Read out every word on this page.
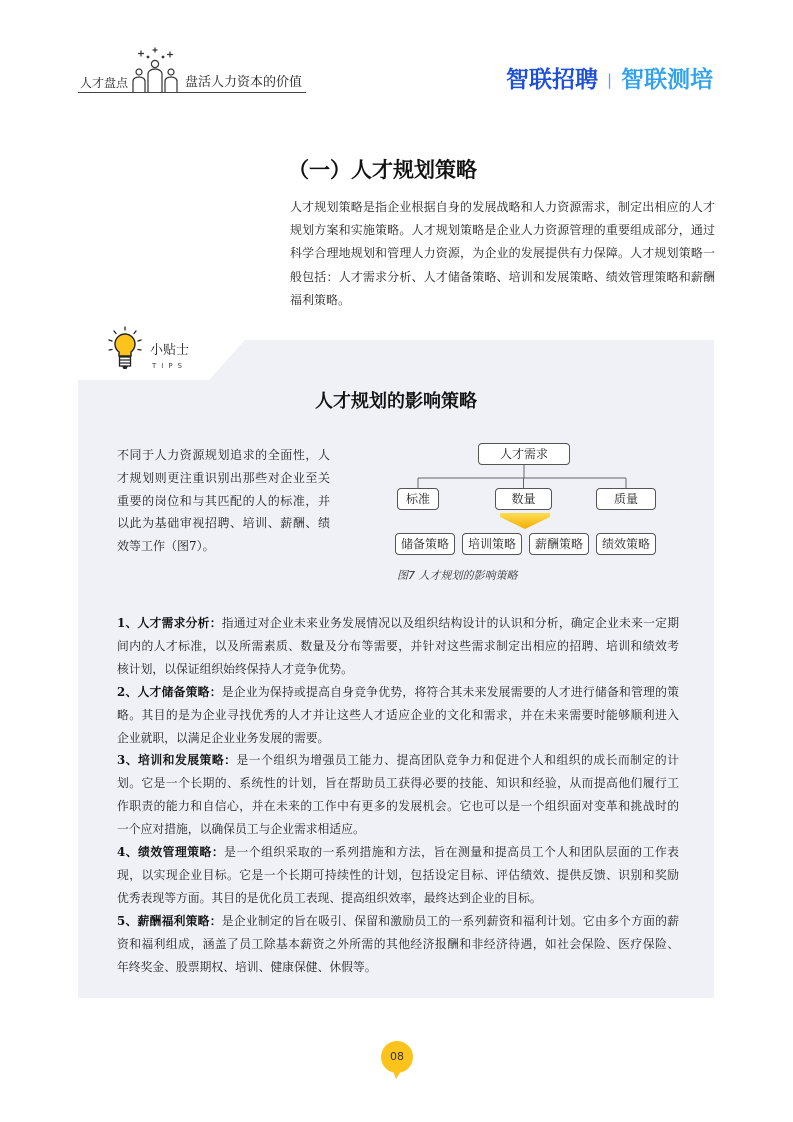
人才盘点	盘活人力资本的价值	智联招聘 | 智联测培
（一）人才规划策略
人才规划策略是指企业根据自身的发展战略和人力资源需求，制定出相应的人才
规划方案和实施策略。人才规划策略是企业人力资源管理的重要组成部分，通过
科学合理地规划和管理人力资源，为企业的发展提供有力保障。人才规划策略一
般包括：人才需求分析、人才储备策略、培训和发展策略、绩效管理策略和薪酬
福利策略。
小贴士
TIPS
人才规划的影响策略
不同于人力资源规划追求的全面性，人
才规划则更注重识别出那些对企业至关
重要的岗位和与其匹配的人的标准，并
以此为基础审视招聘、培训、薪酬、绩
效等工作（图7）。
人才需求
标准	数量	质量
储备策略	培训策略	薪酬策略	绩效策略
图7 人才规划的影响策略
1、人才需求分析：指通过对企业未来业务发展情况以及组织结构设计的认识和分析，确定企业未来一定期
间内的人才标准，以及所需素质、数量及分布等需要，并针对这些需求制定出相应的招聘、培训和绩效考
核计划，以保证组织始终保持人才竞争优势。
2、人才储备策略：是企业为保持或提高自身竞争优势，将符合其未来发展需要的人才进行储备和管理的策
略。其目的是为企业寻找优秀的人才并让这些人才适应企业的文化和需求，并在未来需要时能够顺利进入
企业就职，以满足企业业务发展的需要。
3、培训和发展策略：是一个组织为增强员工能力、提高团队竞争力和促进个人和组织的成长而制定的计
划。它是一个长期的、系统性的计划，旨在帮助员工获得必要的技能、知识和经验，从而提高他们履行工
作职责的能力和自信心，并在未来的工作中有更多的发展机会。它也可以是一个组织面对变革和挑战时的
一个应对措施，以确保员工与企业需求相适应。
4、绩效管理策略：是一个组织采取的一系列措施和方法，旨在测量和提高员工个人和团队层面的工作表
现，以实现企业目标。它是一个长期可持续性的计划，包括设定目标、评估绩效、提供反馈、识别和奖励
优秀表现等方面。其目的是优化员工表现、提高组织效率，最终达到企业的目标。
5、薪酬福利策略：是企业制定的旨在吸引、保留和激励员工的一系列薪资和福利计划。它由多个方面的薪
资和福利组成，涵盖了员工除基本薪资之外所需的其他经济报酬和非经济待遇，如社会保险、医疗保险、
年终奖金、股票期权、培训、健康保健、休假等。
08
